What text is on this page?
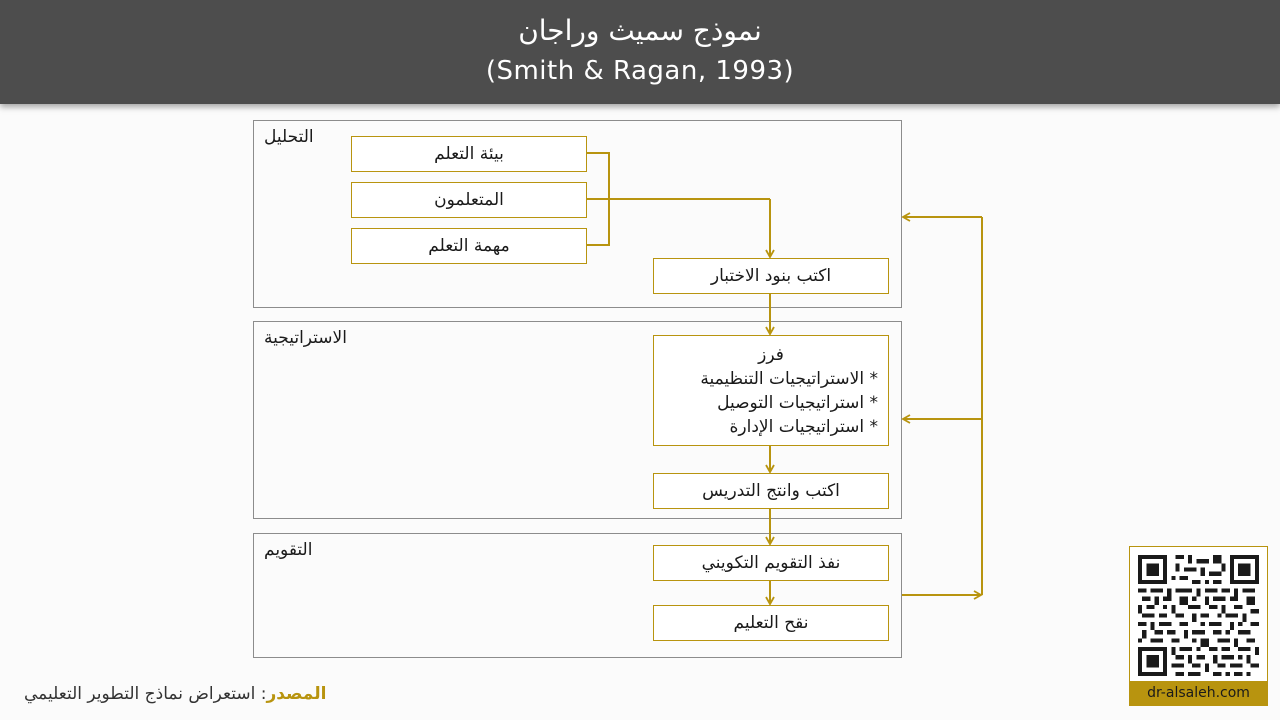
نموذج سميث وراجان
(Smith & Ragan, 1993)
التحليل
الاستراتيجية
التقويم
بيئة التعلم
المتعلمون
مهمة التعلم
اكتب بنود الاختبار
فرز
* الاستراتيجيات التنظيمية
* استراتيجيات التوصيل
* استراتيجيات الإدارة
اكتب وانتج التدريس
نفذ التقويم التكويني
نقح التعليم
المصدر: استعراض نماذج التطوير التعليمي	dr-alsaleh.com
